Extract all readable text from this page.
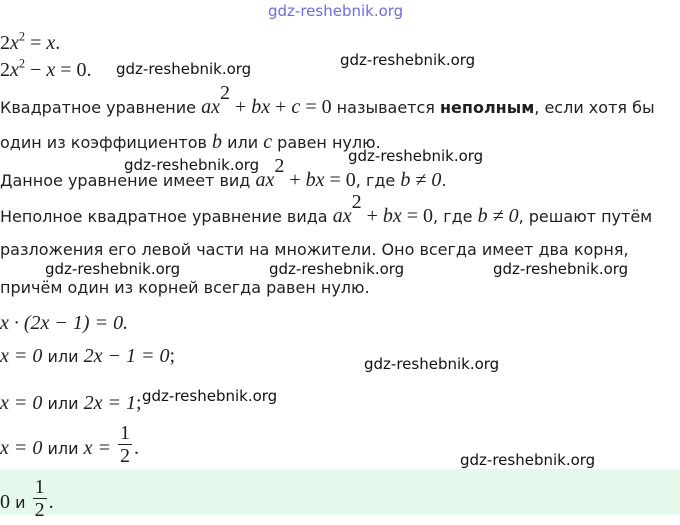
gdz-reshebnik.org
$2x^2 = x$.
$2x^2 - x = 0$. gdz-reshebnik.org	gdz-reshebnik.org
Квадратное уравнение $ax^2$ + bx + c = 0 называется неполным, если хотя бы
один из коэффициентов b или c равен нулю.
gdz-reshebnik.org	gdz-reshebnik.org
Данное уравнение имеет вид $ax^2$ + bx = 0, где b ≠ 0.
Неполное квадратное уравнение вида $ax^2$ + bx = 0, где b ≠ 0, решают путём
разложения его левой части на множители. Оно всегда имеет два корня,
gdz-reshebnik.org	gdz-reshebnik.org	gdz-reshebnik.org
причём один из корней всегда равен нулю.
x · (2x − 1) = 0.
x = 0 или 2x − 1 = 0;	gdz-reshebnik.org
x = 0 или 2x = 1; gdz-reshebnik.org
x = 0 или $x = \frac{1}{2}$ .
gdz-reshebnik.org
0 и $\frac{1}{2}$ .
